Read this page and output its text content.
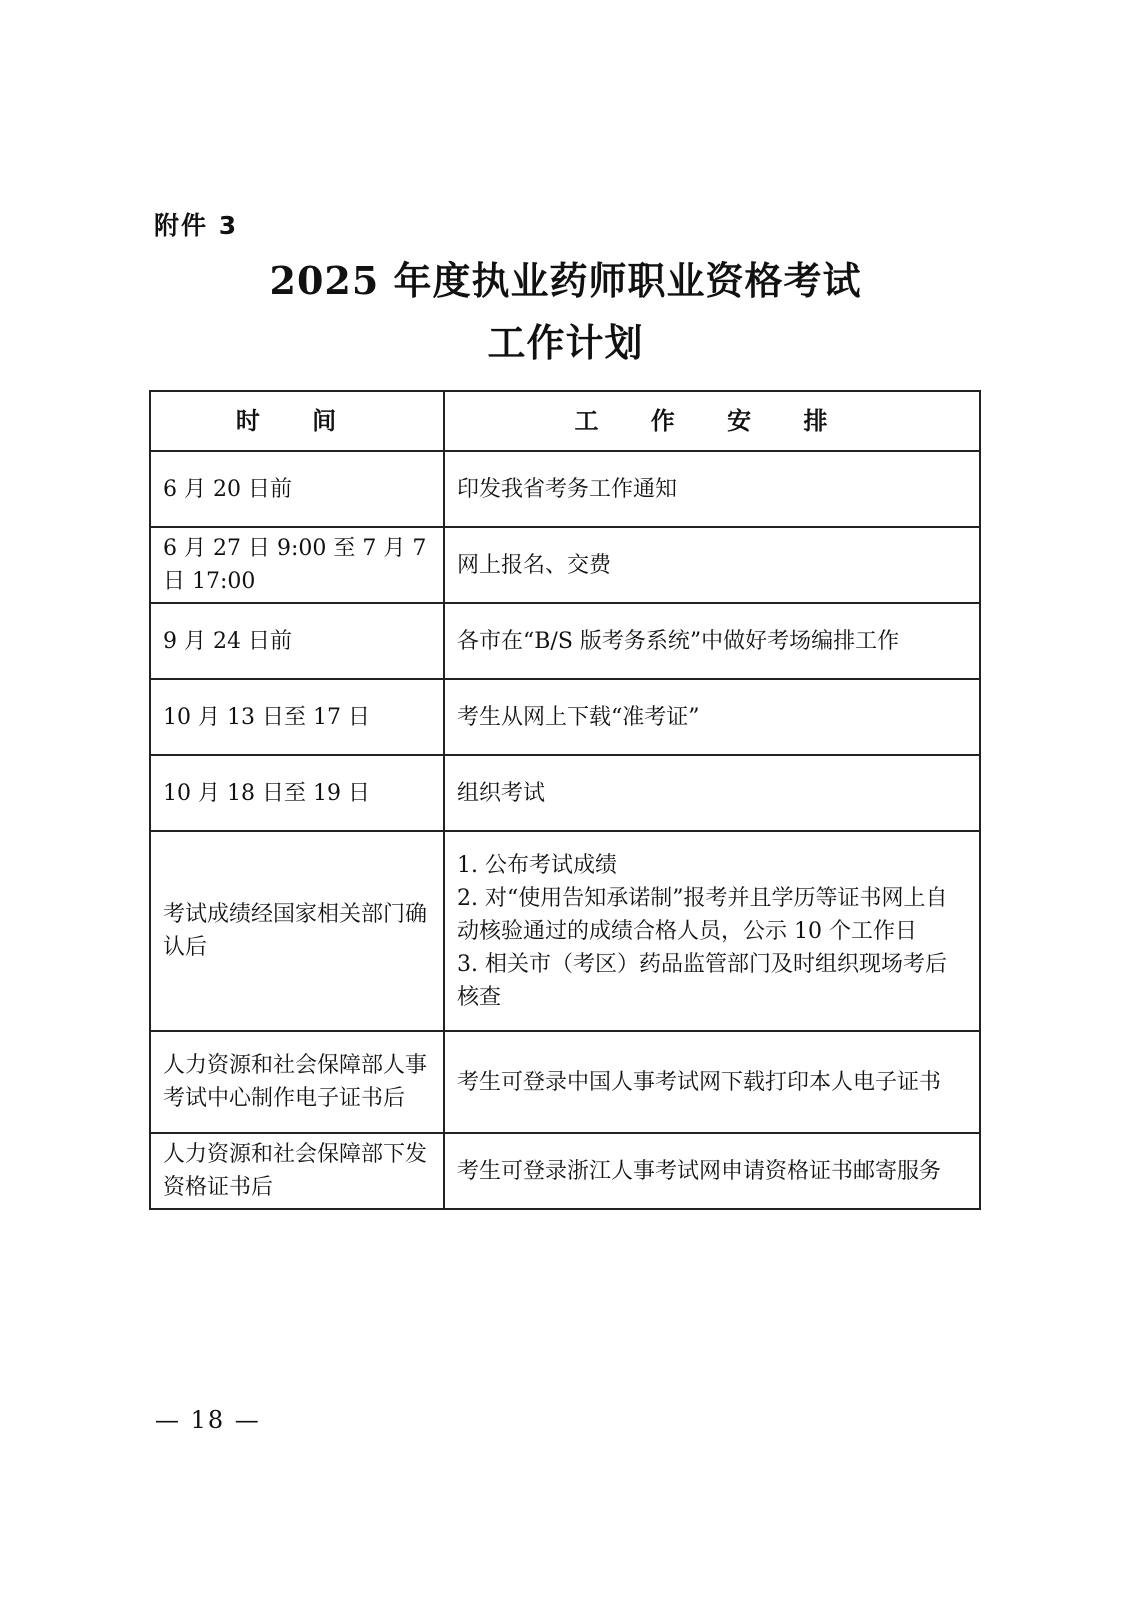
附件 3
2025 年度执业药师职业资格考试
工作计划
时 间	工 作 安 排
6 月 20 日前	印发我省考务工作通知
6 月 27 日 9:00 至 7 月 7 日 17:00	网上报名、交费
9 月 24 日前	各市在“B/S 版考务系统”中做好考场编排工作
10 月 13 日至 17 日	考生从网上下载“准考证”
10 月 18 日至 19 日	组织考试
考试成绩经国家相关部门确认后	1. 公布考试成绩
2. 对“使用告知承诺制”报考并且学历等证书网上自动核验通过的成绩合格人员，公示 10 个工作日
3. 相关市（考区）药品监管部门及时组织现场考后核查

人力资源和社会保障部人事考试中心制作电子证书后	考生可登录中国人事考试网下载打印本人电子证书
人力资源和社会保障部下发资格证书后	考生可登录浙江人事考试网申请资格证书邮寄服务
— 18 —
